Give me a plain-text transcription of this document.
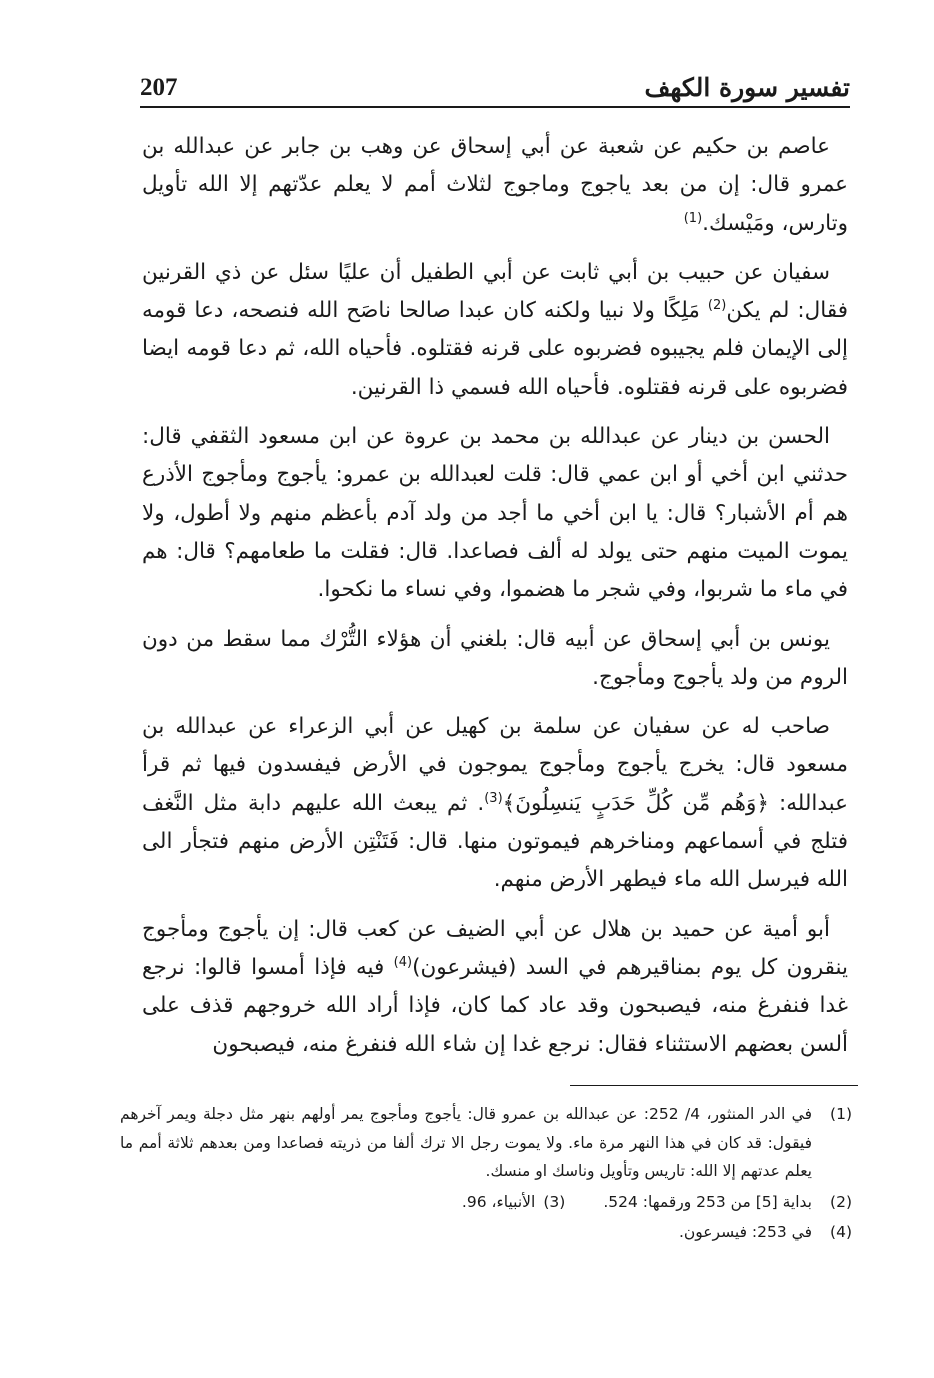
تفسير سورة الكهف
207

عاصم بن حكيم عن شعبة عن أبي إسحاق عن وهب بن جابر عن عبدالله بن عمرو قال: إن من بعد ياجوج وماجوج لثلاث أمم لا يعلم عدّتهم إلا الله تأويل وتارس، ومَيْسك.$^{(1)}$

سفيان عن حبيب بن أبي ثابت عن أبي الطفيل أن عليًا سئل عن ذي القرنين فقال: لم يكن$^{(2)}$ مَلِكًا ولا نبيا ولكنه كان عبدا صالحا ناصَح الله فنصحه، دعا قومه إلى الإيمان فلم يجيبوه فضربوه على قرنه فقتلوه. فأحياه الله، ثم دعا قومه ايضا فضربوه على قرنه فقتلوه. فأحياه الله فسمي ذا القرنين.

الحسن بن دينار عن عبدالله بن محمد بن عروة عن ابن مسعود الثقفي قال: حدثني ابن أخي أو ابن عمي قال: قلت لعبدالله بن عمرو: يأجوج ومأجوج الأذرع هم أم الأشبار؟ قال: يا ابن أخي ما أجد من ولد آدم بأعظم منهم ولا أطول، ولا يموت الميت منهم حتى يولد له ألف فصاعدا. قال: فقلت ما طعامهم؟ قال: هم في ماء ما شربوا، وفي شجر ما هضموا، وفي نساء ما نكحوا.

يونس بن أبي إسحاق عن أبيه قال: بلغني أن هؤلاء التُّرْك مما سقط من دون الروم من ولد يأجوج ومأجوج.

صاحب له عن سفيان عن سلمة بن كهيل عن أبي الزعراء عن عبدالله بن مسعود قال: يخرج يأجوج ومأجوج يموجون في الأرض فيفسدون فيها ثم قرأ عبدالله: ﴿وَهُم مِّن كُلِّ حَدَبٍ يَنسِلُونَ﴾$^{(3)}$. ثم يبعث الله عليهم دابة مثل النَّغف فتلج في أسماعهم ومناخرهم فيموتون منها. قال: فَتَنْتِن الأرض منهم فتجأر الى الله فيرسل الله ماء فيطهر الأرض منهم.

أبو أمية عن حميد بن هلال عن أبي الضيف عن كعب قال: إن يأجوج ومأجوج ينقرون كل يوم بمناقيرهم في السد (فيشرعون)$^{(4)}$ فيه فإذا أمسوا قالوا: نرجع غدا فنفرغ منه، فيصبحون وقد عاد كما كان، فإذا أراد الله خروجهم قذف على ألسن بعضهم الاستثناء فقال: نرجع غدا إن شاء الله فنفرغ منه، فيصبحون

(1)
في الدر المنثور، 4/ 252: عن عبدالله بن عمرو قال: يأجوج ومأجوج يمر أولهم بنهر مثل دجلة ويمر آخرهم فيقول: قد كان في هذا النهر مرة ماء. ولا يموت رجل الا ترك ألفا من ذريته فصاعدا ومن بعدهم ثلاثة أمم ما يعلم عدتهم إلا الله: تاريس وتأويل وناسك او منسك.
(2)
بداية [5] من 253 ورقمها: 524.
(3)
الأنبياء، 96.
(4)
في 253: فيسرعون.
